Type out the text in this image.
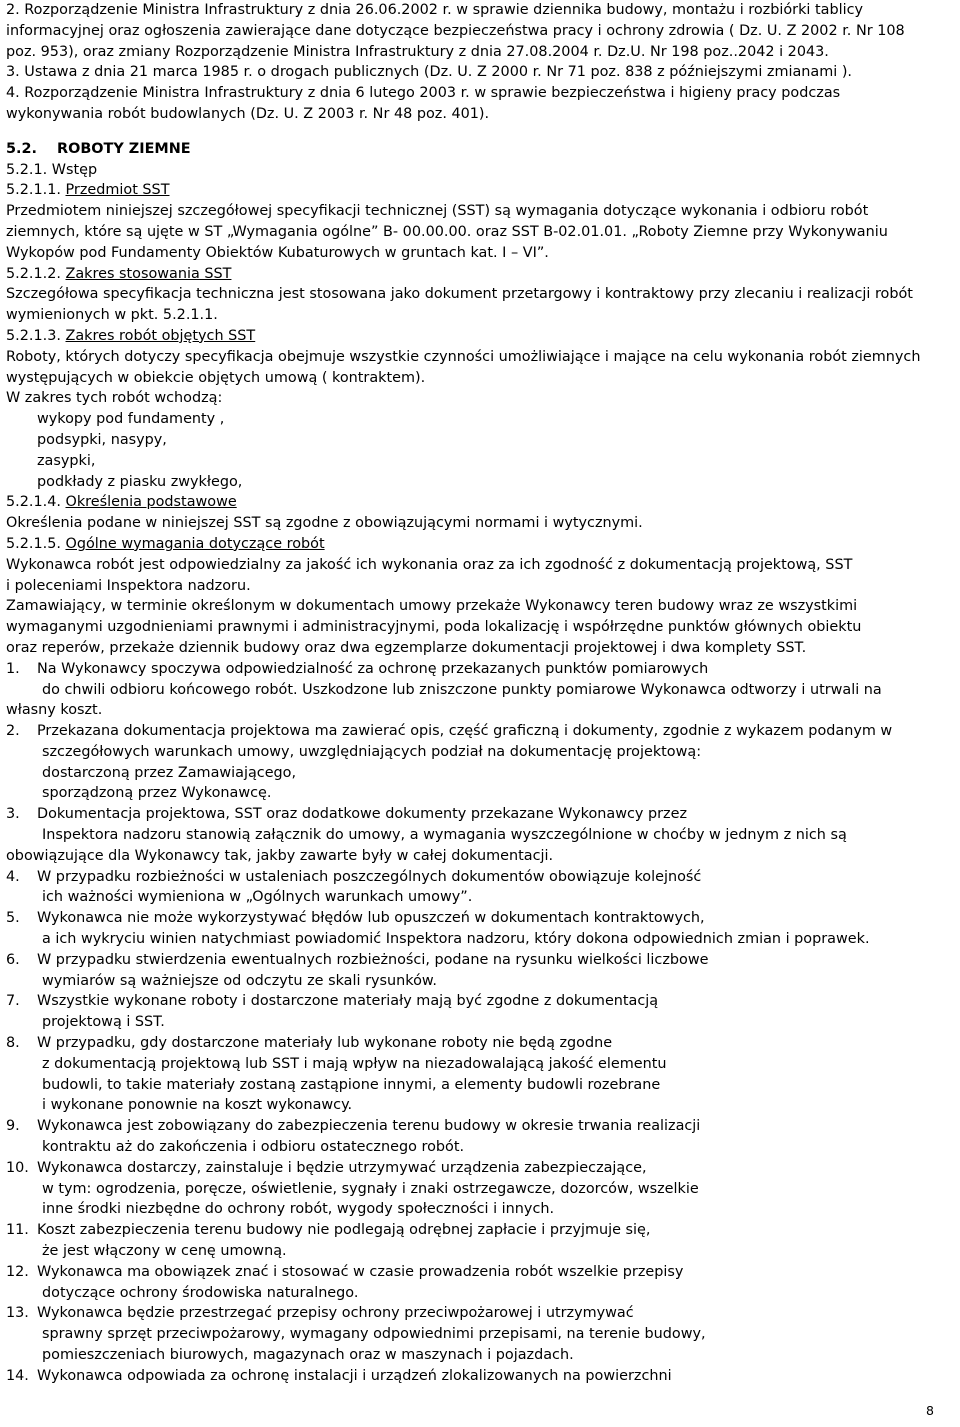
2. Rozporządzenie Ministra Infrastruktury z dnia 26.06.2002 r. w sprawie dziennika budowy, montażu i rozbiórki tablicy

informacyjnej oraz ogłoszenia zawierające dane dotyczące bezpieczeństwa pracy i ochrony zdrowia ( Dz. U. Z 2002 r. Nr 108

poz. 953), oraz zmiany Rozporządzenie Ministra Infrastruktury z dnia 27.08.2004 r. Dz.U. Nr 198 poz..2042 i 2043.

3. Ustawa z dnia 21 marca 1985 r. o drogach publicznych (Dz. U. Z 2000 r. Nr 71 poz. 838 z późniejszymi zmianami ).

4. Rozporządzenie Ministra Infrastruktury z dnia 6 lutego 2003 r. w sprawie bezpieczeństwa i higieny pracy podczas

wykonywania robót budowlanych (Dz. U. Z 2003 r. Nr 48 poz. 401).

5.2. ROBOTY ZIEMNE

5.2.1. Wstęp

5.2.1.1. Przedmiot SST

Przedmiotem niniejszej szczegółowej specyfikacji technicznej (SST) są wymagania dotyczące wykonania i odbioru robót

ziemnych, które są ujęte w ST „Wymagania ogólne” B- 00.00.00. oraz SST B-02.01.01. „Roboty Ziemne przy Wykonywaniu

Wykopów pod Fundamenty Obiektów Kubaturowych w gruntach kat. I – VI”.

5.2.1.2. Zakres stosowania SST

Szczegółowa specyfikacja techniczna jest stosowana jako dokument przetargowy i kontraktowy przy zlecaniu i realizacji robót

wymienionych w pkt. 5.2.1.1.

5.2.1.3. Zakres robót objętych SST

Roboty, których dotyczy specyfikacja obejmuje wszystkie czynności umożliwiające i mające na celu wykonania robót ziemnych

występujących w obiekcie objętych umową ( kontraktem).

W zakres tych robót wchodzą:

wykopy pod fundamenty ,

podsypki, nasypy,

zasypki,

podkłady z piasku zwykłego,

5.2.1.4. Określenia podstawowe

Określenia podane w niniejszej SST są zgodne z obowiązującymi normami i wytycznymi.

5.2.1.5. Ogólne wymagania dotyczące robót

Wykonawca robót jest odpowiedzialny za jakość ich wykonania oraz za ich zgodność z dokumentacją projektową, SST

i poleceniami Inspektora nadzoru.

Zamawiający, w terminie określonym w dokumentach umowy przekaże Wykonawcy teren budowy wraz ze wszystkimi

wymaganymi uzgodnieniami prawnymi i administracyjnymi, poda lokalizację i współrzędne punktów głównych obiektu

oraz reperów, przekaże dziennik budowy oraz dwa egzemplarze dokumentacji projektowej i dwa komplety SST.

1. Na Wykonawcy spoczywa odpowiedzialność za ochronę przekazanych punktów pomiarowych

do chwili odbioru końcowego robót. Uszkodzone lub zniszczone punkty pomiarowe Wykonawca odtworzy i utrwali na

własny koszt.

2. Przekazana dokumentacja projektowa ma zawierać opis, część graficzną i dokumenty, zgodnie z wykazem podanym w

szczegółowych warunkach umowy, uwzględniających podział na dokumentację projektową:

dostarczoną przez Zamawiającego,

sporządzoną przez Wykonawcę.

3. Dokumentacja projektowa, SST oraz dodatkowe dokumenty przekazane Wykonawcy przez

Inspektora nadzoru stanowią załącznik do umowy, a wymagania wyszczególnione w choćby w jednym z nich są

obowiązujące dla Wykonawcy tak, jakby zawarte były w całej dokumentacji.

4. W przypadku rozbieżności w ustaleniach poszczególnych dokumentów obowiązuje kolejność

ich ważności wymieniona w „Ogólnych warunkach umowy”.

5. Wykonawca nie może wykorzystywać błędów lub opuszczeń w dokumentach kontraktowych,

a ich wykryciu winien natychmiast powiadomić Inspektora nadzoru, który dokona odpowiednich zmian i poprawek.

6. W przypadku stwierdzenia ewentualnych rozbieżności, podane na rysunku wielkości liczbowe

wymiarów są ważniejsze od odczytu ze skali rysunków.

7. Wszystkie wykonane roboty i dostarczone materiały mają być zgodne z dokumentacją

projektową i SST.

8. W przypadku, gdy dostarczone materiały lub wykonane roboty nie będą zgodne

z dokumentacją projektową lub SST i mają wpływ na niezadowalającą jakość elementu

budowli, to takie materiały zostaną zastąpione innymi, a elementy budowli rozebrane

i wykonane ponownie na koszt wykonawcy.

9. Wykonawca jest zobowiązany do zabezpieczenia terenu budowy w okresie trwania realizacji

kontraktu aż do zakończenia i odbioru ostatecznego robót.

10. Wykonawca dostarczy, zainstaluje i będzie utrzymywać urządzenia zabezpieczające,

w tym: ogrodzenia, poręcze, oświetlenie, sygnały i znaki ostrzegawcze, dozorców, wszelkie

inne środki niezbędne do ochrony robót, wygody społeczności i innych.

11. Koszt zabezpieczenia terenu budowy nie podlegają odrębnej zapłacie i przyjmuje się,

że jest włączony w cenę umowną.

12. Wykonawca ma obowiązek znać i stosować w czasie prowadzenia robót wszelkie przepisy

dotyczące ochrony środowiska naturalnego.

13. Wykonawca będzie przestrzegać przepisy ochrony przeciwpożarowej i utrzymywać

sprawny sprzęt przeciwpożarowy, wymagany odpowiednimi przepisami, na terenie budowy,

pomieszczeniach biurowych, magazynach oraz w maszynach i pojazdach.

14. Wykonawca odpowiada za ochronę instalacji i urządzeń zlokalizowanych na powierzchni

8
